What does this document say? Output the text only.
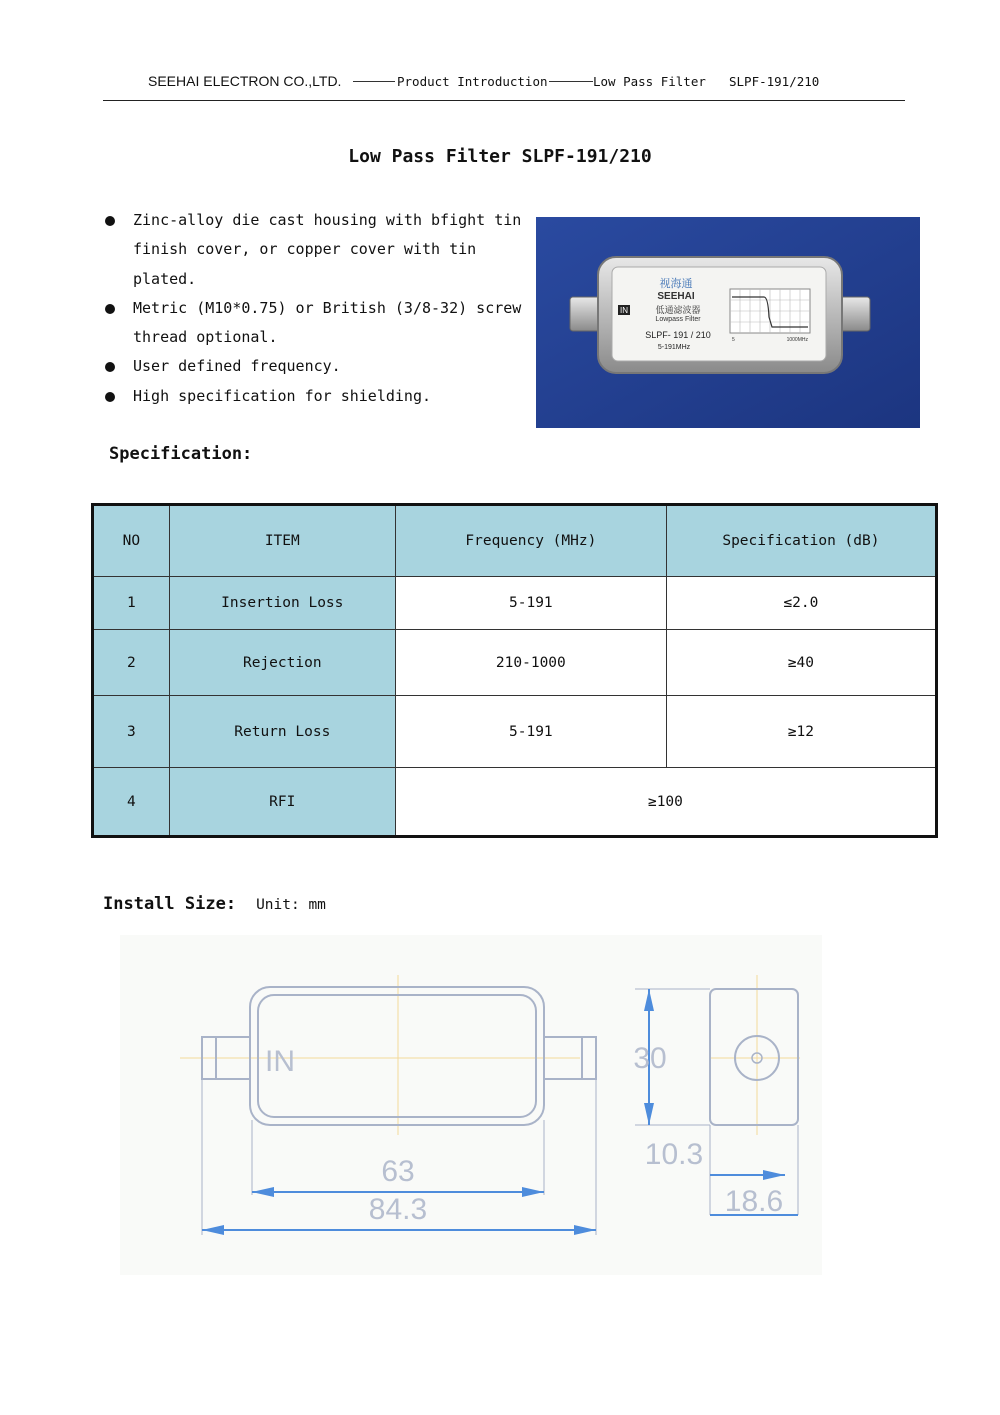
SEEHAI ELECTRON CO.,LTD.	Product Introduction	Low Pass Filter SLPF-191/210
Low Pass Filter SLPF-191/210
Zinc-alloy die cast housing with bfight tin finish cover, or copper cover with tin plated.
Metric (M10*0.75) or British (3/8-32) screw thread optional.
User defined frequency.
High specification for shielding.
视海通
SEEHAI
IN	低通滤波器
Lowpass Filter
SLPF- 191 / 210
5-191MHz
5	1000MHz
Specification:
NO	ITEM	Frequency (MHz)	Specification (dB)
1	Insertion Loss	5-191	≤2.0
2	Rejection	210-1000	≥40
3	Return Loss	5-191	≥12
4	RFI	≥100	
Install Size: Unit: mm
IN
63
84.3
30
10.3
18.6
